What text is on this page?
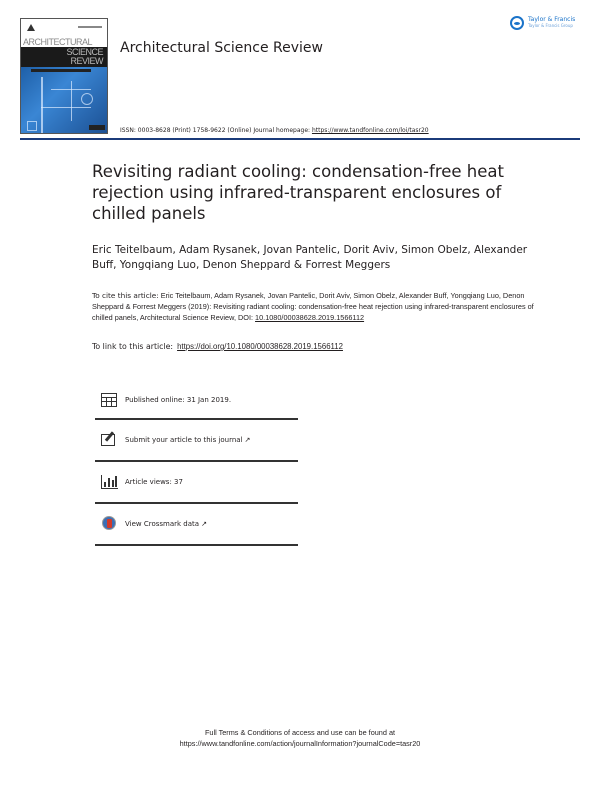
ARCHITECTURAL
SCIENCE
REVIEW
Architectural Science Review
Taylor & Francis
Taylor & Francis Group
ISSN: 0003-8628 (Print) 1758-9622 (Online) Journal homepage: https://www.tandfonline.com/loi/tasr20
Revisiting radiant cooling: condensation-free heat rejection using infrared-transparent enclosures of chilled panels
Eric Teitelbaum, Adam Rysanek, Jovan Pantelic, Dorit Aviv, Simon Obelz, Alexander Buff, Yongqiang Luo, Denon Sheppard & Forrest Meggers
To cite this article: Eric Teitelbaum, Adam Rysanek, Jovan Pantelic, Dorit Aviv, Simon Obelz, Alexander Buff, Yongqiang Luo, Denon Sheppard & Forrest Meggers (2019): Revisiting radiant cooling: condensation-free heat rejection using infrared-transparent enclosures of chilled panels, Architectural Science Review, DOI: 10.1080/00038628.2019.1566112
To link to this article: https://doi.org/10.1080/00038628.2019.1566112
Published online: 31 Jan 2019.
Submit your article to this journal ↗
Article views: 37
View Crossmark data ↗
Full Terms & Conditions of access and use can be found at
https://www.tandfonline.com/action/journalInformation?journalCode=tasr20
